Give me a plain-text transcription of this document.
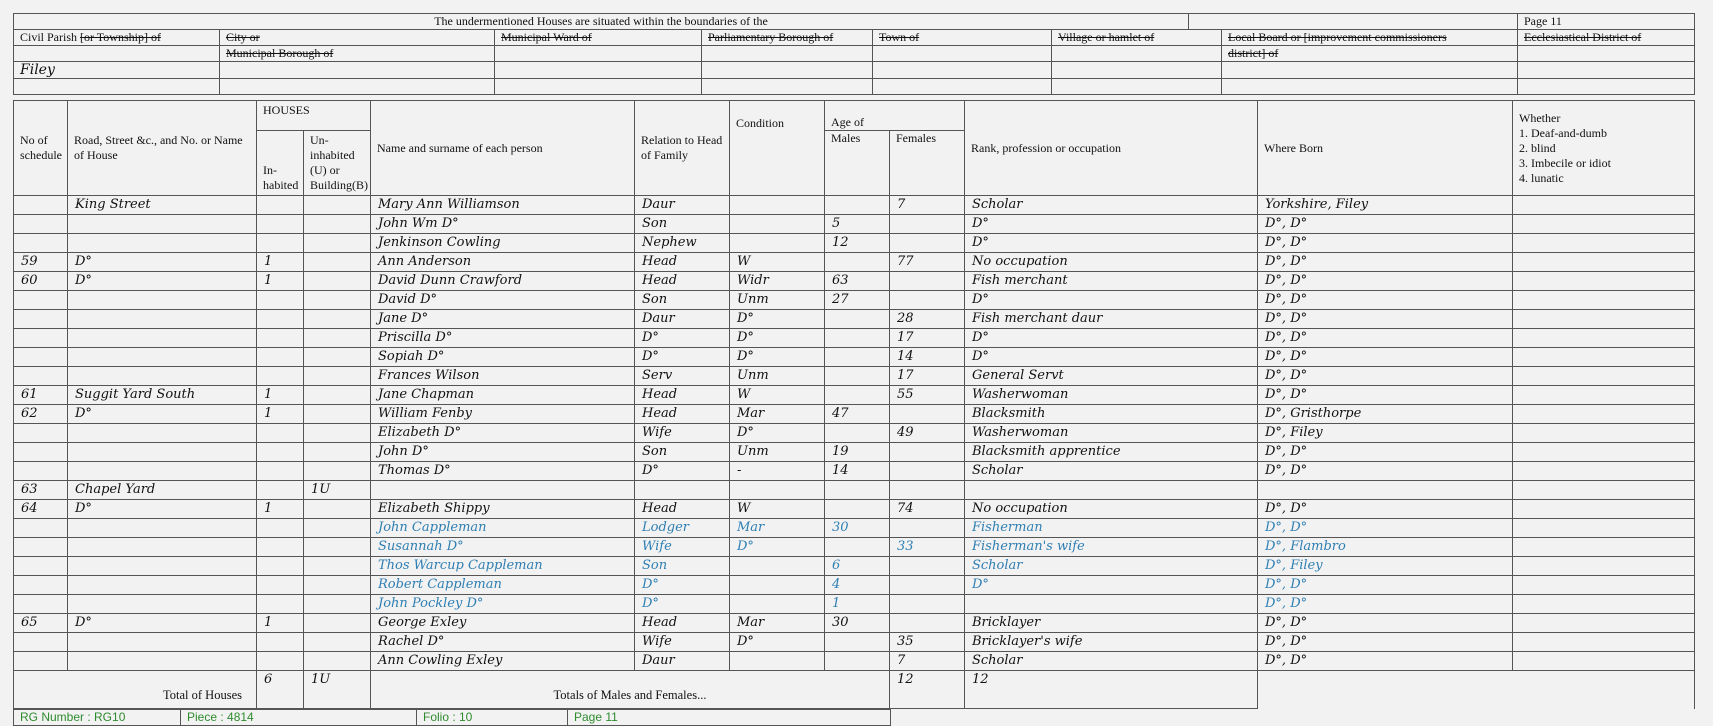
The undermentioned Houses are situated within the boundaries of the							Page 11
Civil Parish [or Township] of	City or	Municipal Ward of	Parliamentary Borough of	Town of	Village or hamlet of	Local Board or [improvement commissioners	Ecclesiastical District of
	Municipal Borough of					district] of	
Filey							

No of schedule	Road, Street &c., and No. or Name of House	HOUSES		Name and surname of each person	Relation to Head of Family	Condition	Age of		Rank, profession or occupation	Where Born	Whether
1. Deaf-and-dumb
2. blind
3. Imbecile or idiot
4. lunatic

		In-habited	Un-inhabited (U) or Building(B)				Males	Females			
	King Street			Mary Ann Williamson	Daur			7	Scholar	Yorkshire, Filey	
				John Wm D°	Son		5		D°	D°, D°	
				Jenkinson Cowling	Nephew		12		D°	D°, D°	
59	D°	1		Ann Anderson	Head	W		77	No occupation	D°, D°	
60	D°	1		David Dunn Crawford	Head	Widr	63		Fish merchant	D°, D°	
				David D°	Son	Unm	27		D°	D°, D°	
				Jane D°	Daur	D°		28	Fish merchant daur	D°, D°	
				Priscilla D°	D°	D°		17	D°	D°, D°	
				Sopiah D°	D°	D°		14	D°	D°, D°	
				Frances Wilson	Serv	Unm		17	General Servt	D°, D°	
61	Suggit Yard South	1		Jane Chapman	Head	W		55	Washerwoman	D°, D°	
62	D°	1		William Fenby	Head	Mar	47		Blacksmith	D°, Gristhorpe	
				Elizabeth D°	Wife	D°		49	Washerwoman	D°, Filey	
				John D°	Son	Unm	19		Blacksmith apprentice	D°, D°	
				Thomas D°	D°	-	14		Scholar	D°, D°	
63	Chapel Yard		1U								
64	D°	1		Elizabeth Shippy	Head	W		74	No occupation	D°, D°	
				John Cappleman	Lodger	Mar	30		Fisherman	D°, D°	
				Susannah D°	Wife	D°		33	Fisherman's wife	D°, Flambro	
				Thos Warcup Cappleman	Son		6		Scholar	D°, Filey	
				Robert Cappleman	D°		4		D°	D°, D°	
				John Pockley D°	D°		1			D°, D°	
65	D°	1		George Exley	Head	Mar	30		Bricklayer	D°, D°	
				Rachel D°	Wife	D°		35	Bricklayer's wife	D°, D°	
				Ann Cowling Exley	Daur			7	Scholar	D°, D°	
Total of Houses		6	1U	Totals of Males and Females...				12	12		
RG Number : RG10	Piece : 4814	Folio : 10	Page 11
